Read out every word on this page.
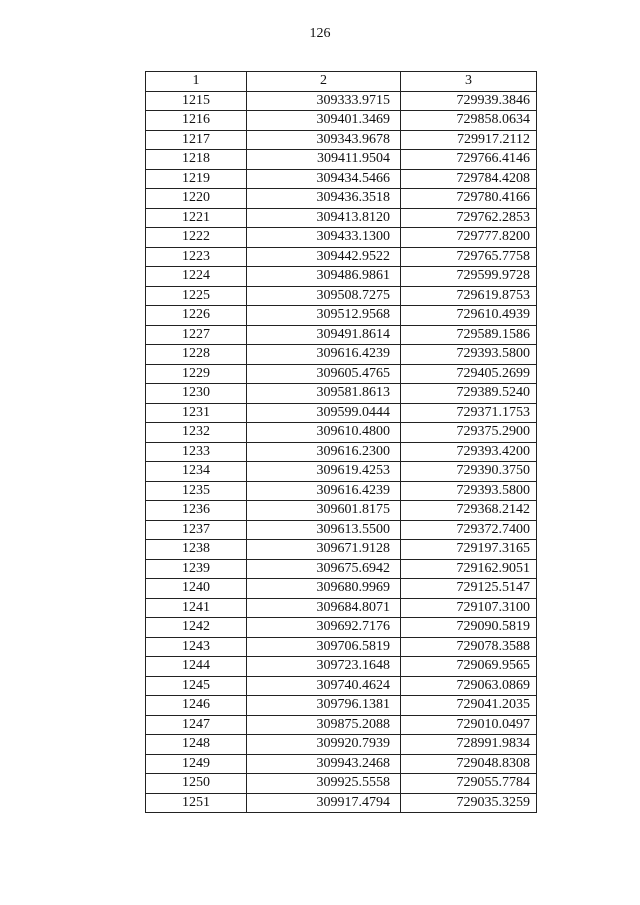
126
1	2	3
1215	309333.9715	729939.3846
1216	309401.3469	729858.0634
1217	309343.9678	729917.2112
1218	309411.9504	729766.4146
1219	309434.5466	729784.4208
1220	309436.3518	729780.4166
1221	309413.8120	729762.2853
1222	309433.1300	729777.8200
1223	309442.9522	729765.7758
1224	309486.9861	729599.9728
1225	309508.7275	729619.8753
1226	309512.9568	729610.4939
1227	309491.8614	729589.1586
1228	309616.4239	729393.5800
1229	309605.4765	729405.2699
1230	309581.8613	729389.5240
1231	309599.0444	729371.1753
1232	309610.4800	729375.2900
1233	309616.2300	729393.4200
1234	309619.4253	729390.3750
1235	309616.4239	729393.5800
1236	309601.8175	729368.2142
1237	309613.5500	729372.7400
1238	309671.9128	729197.3165
1239	309675.6942	729162.9051
1240	309680.9969	729125.5147
1241	309684.8071	729107.3100
1242	309692.7176	729090.5819
1243	309706.5819	729078.3588
1244	309723.1648	729069.9565
1245	309740.4624	729063.0869
1246	309796.1381	729041.2035
1247	309875.2088	729010.0497
1248	309920.7939	728991.9834
1249	309943.2468	729048.8308
1250	309925.5558	729055.7784
1251	309917.4794	729035.3259
